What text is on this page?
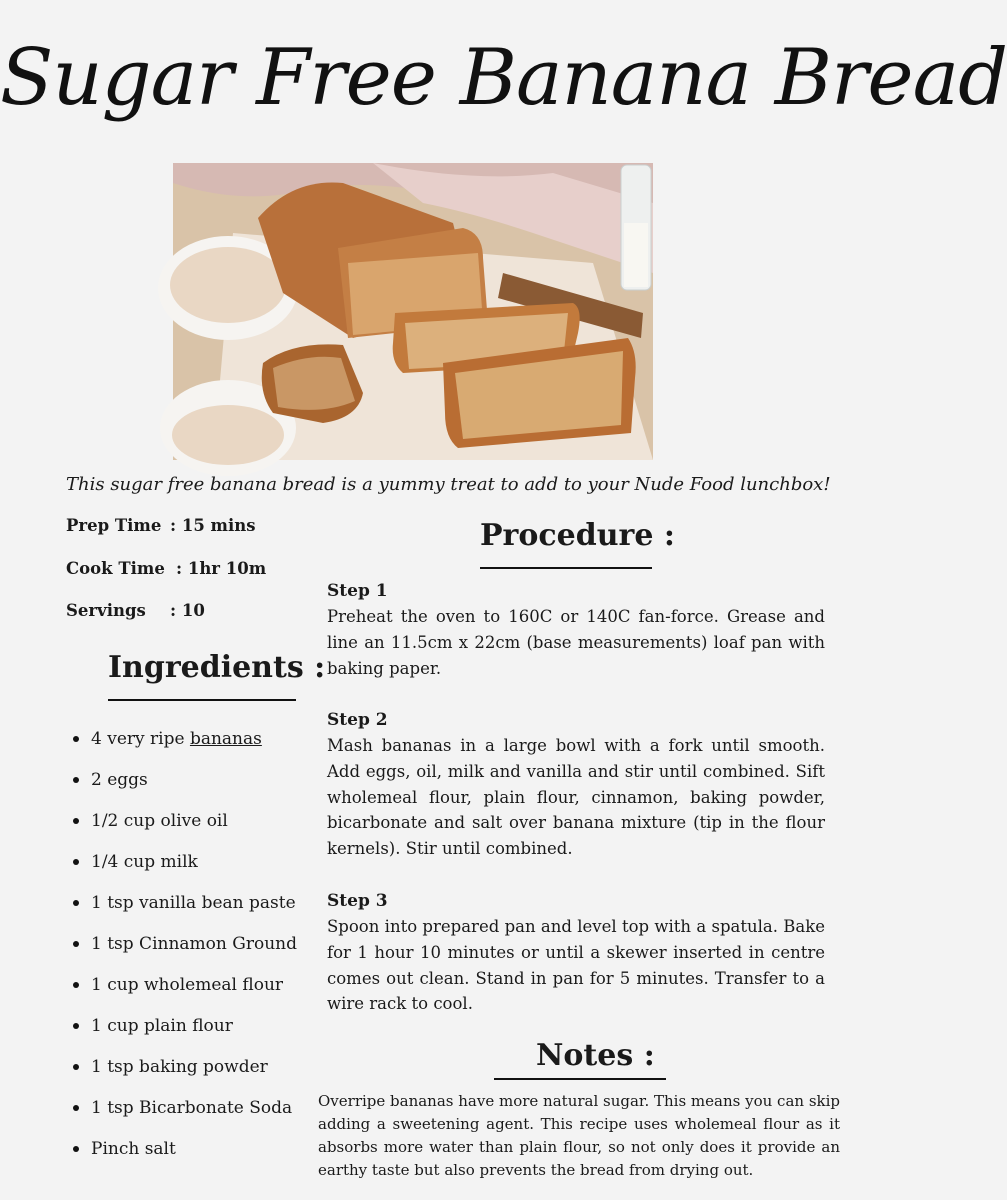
Sugar Free Banana Bread

This sugar free banana bread is a yummy treat to add to your Nude Food lunchbox!

Prep Time : 15 mins

Cook Time : 1hr 10m

Servings : 10

Ingredients :
4 very ripe bananas
2 eggs
1/2 cup olive oil
1/4 cup milk
1 tsp vanilla bean paste
1 tsp Cinnamon Ground
1 cup wholemeal flour
1 cup plain flour
1 tsp baking powder
1 tsp Bicarbonate Soda
Pinch salt
Procedure :

Step 1

Preheat the oven to 160C or 140C fan-force. Grease and line an 11.5cm x 22cm (base measurements) loaf pan with baking paper.

Step 2

Mash bananas in a large bowl with a fork until smooth. Add eggs, oil, milk and vanilla and stir until combined. Sift wholemeal flour, plain flour, cinnamon, baking powder, bicarbonate and salt over banana mixture (tip in the flour kernels). Stir until combined.

Step 3

Spoon into prepared pan and level top with a spatula. Bake for 1 hour 10 minutes or until a skewer inserted in centre comes out clean. Stand in pan for 5 minutes. Transfer to a wire rack to cool.

Notes :

Overripe bananas have more natural sugar. This means you can skip adding a sweetening agent. This recipe uses wholemeal flour as it absorbs more water than plain flour, so not only does it provide an earthy taste but also prevents the bread from drying out.
